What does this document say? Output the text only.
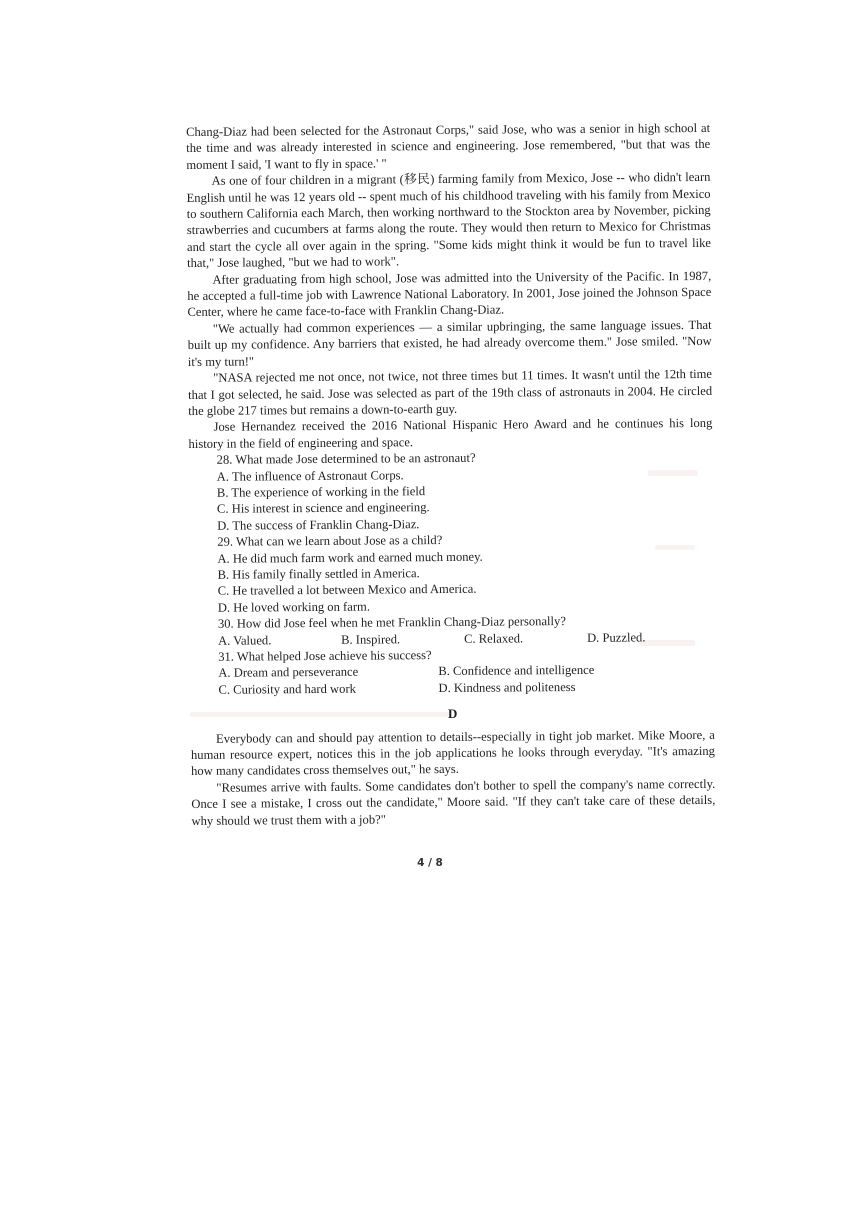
Chang-Diaz had been selected for the Astronaut Corps," said Jose, who was a senior in high school at the time and was already interested in science and engineering. Jose remembered, "but that was the moment I said, 'I want to fly in space.' "

As one of four children in a migrant (移民) farming family from Mexico, Jose -- who didn't learn English until he was 12 years old -- spent much of his childhood traveling with his family from Mexico to southern California each March, then working northward to the Stockton area by November, picking strawberries and cucumbers at farms along the route. They would then return to Mexico for Christmas and start the cycle all over again in the spring. "Some kids might think it would be fun to travel like that," Jose laughed, "but we had to work".

After graduating from high school, Jose was admitted into the University of the Pacific. In 1987, he accepted a full-time job with Lawrence National Laboratory. In 2001, Jose joined the Johnson Space Center, where he came face-to-face with Franklin Chang-Diaz.

"We actually had common experiences — a similar upbringing, the same language issues. That built up my confidence. Any barriers that existed, he had already overcome them." Jose smiled. "Now it's my turn!"

"NASA rejected me not once, not twice, not three times but 11 times. It wasn't until the 12th time that I got selected, he said. Jose was selected as part of the 19th class of astronauts in 2004. He circled the globe 217 times but remains a down-to-earth guy.

Jose Hernandez received the 2016 National Hispanic Hero Award and he continues his long history in the field of engineering and space.

28. What made Jose determined to be an astronaut?

A. The influence of Astronaut Corps.

B. The experience of working in the field

C. His interest in science and engineering.

D. The success of Franklin Chang-Diaz.

29. What can we learn about Jose as a child?

A. He did much farm work and earned much money.

B. His family finally settled in America.

C. He travelled a lot between Mexico and America.

D. He loved working on farm.

30. How did Jose feel when he met Franklin Chang-Diaz personally?

A. Valued.	B. Inspired.	C. Relaxed.	D. Puzzled.

31. What helped Jose achieve his success?

A. Dream and perseverance	B. Confidence and intelligence
C. Curiosity and hard work	D. Kindness and politeness
D

Everybody can and should pay attention to details--especially in tight job market. Mike Moore, a human resource expert, notices this in the job applications he looks through everyday. "It's amazing how many candidates cross themselves out," he says.

"Resumes arrive with faults. Some candidates don't bother to spell the company's name correctly. Once I see a mistake, I cross out the candidate," Moore said. "If they can't take care of these details, why should we trust them with a job?"

4 / 8
